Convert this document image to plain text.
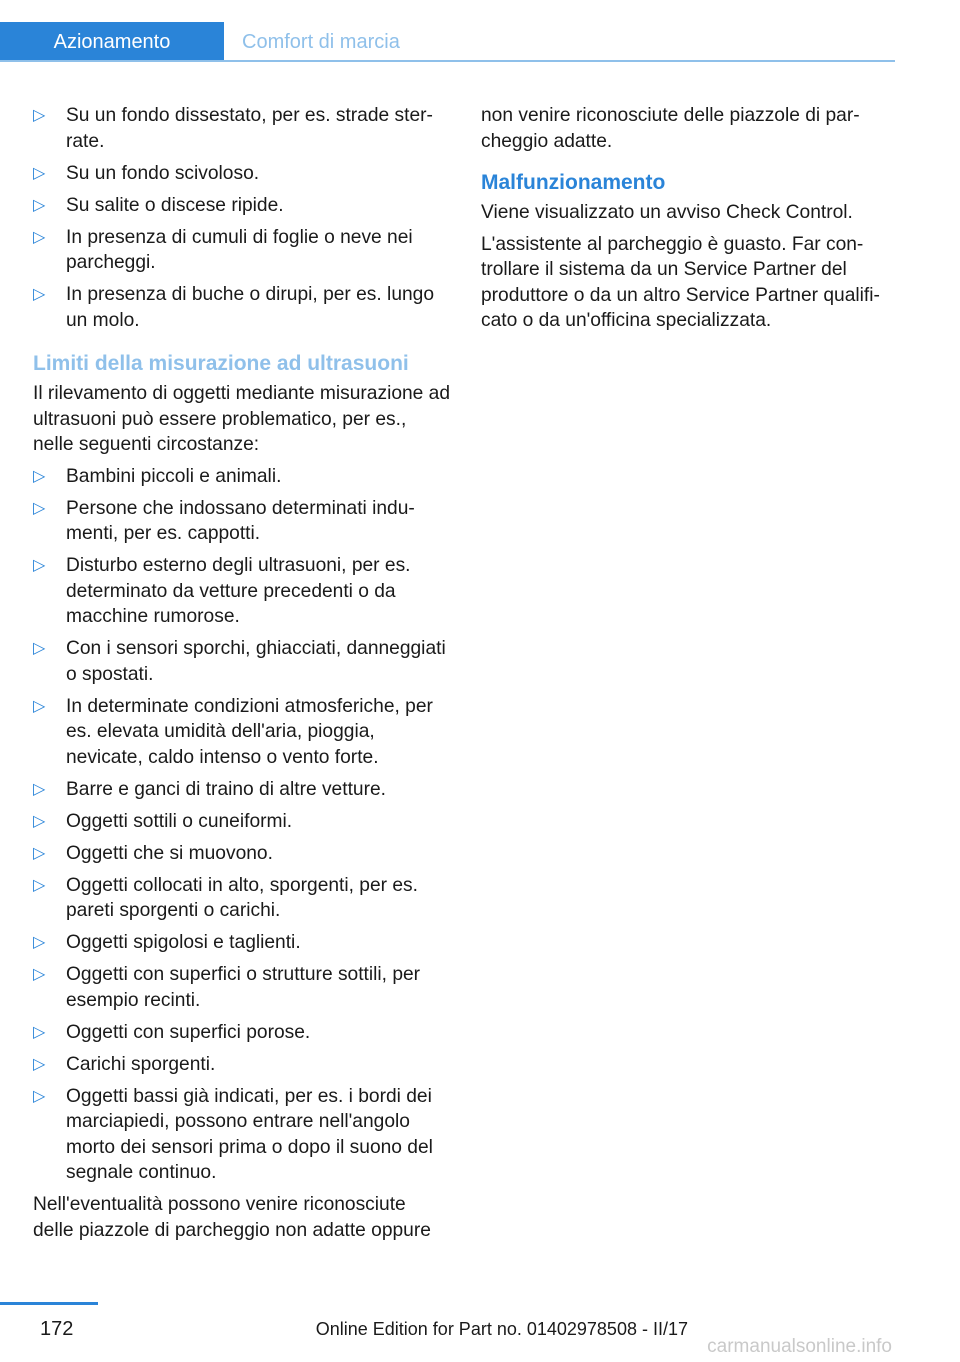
Azionamento	Comfort di marcia
▷ Su un fondo dissestato, per es. strade sterrate.
▷ Su un fondo scivoloso.
▷ Su salite o discese ripide.
▷ In presenza di cumuli di foglie o neve nei parcheggi.
▷ In presenza di buche o dirupi, per es. lungo un molo.
Limiti della misurazione ad ultrasuoni

Il rilevamento di oggetti mediante misurazione ad ultrasuoni può essere problematico, per es., nelle seguenti circostanze:

▷ Bambini piccoli e animali.
▷ Persone che indossano determinati indumenti, per es. cappotti.
▷ Disturbo esterno degli ultrasuoni, per es. determinato da vetture precedenti o da macchine rumorose.
▷ Con i sensori sporchi, ghiacciati, danneggiati o spostati.
▷ In determinate condizioni atmosferiche, per es. elevata umidità dell'aria, pioggia, nevicate, caldo intenso o vento forte.
▷ Barre e ganci di traino di altre vetture.
▷ Oggetti sottili o cuneiformi.
▷ Oggetti che si muovono.
▷ Oggetti collocati in alto, sporgenti, per es. pareti sporgenti o carichi.
▷ Oggetti spigolosi e taglienti.
▷ Oggetti con superfici o strutture sottili, per esempio recinti.
▷ Oggetti con superfici porose.
▷ Carichi sporgenti.
▷ Oggetti bassi già indicati, per es. i bordi dei marciapiedi, possono entrare nell'angolo morto dei sensori prima o dopo il suono del segnale continuo.

Nell'eventualità possono venire riconosciute delle piazzole di parcheggio non adatte oppure

non venire riconosciute delle piazzole di parcheggio adatte.

Malfunzionamento

Viene visualizzato un avviso Check Control.

L'assistente al parcheggio è guasto. Far controllare il sistema da un Service Partner del produttore o da un altro Service Partner qualificato o da un'officina specializzata.

172	Online Edition for Part no. 01402978508 - II/17
carmanualsonline.info
